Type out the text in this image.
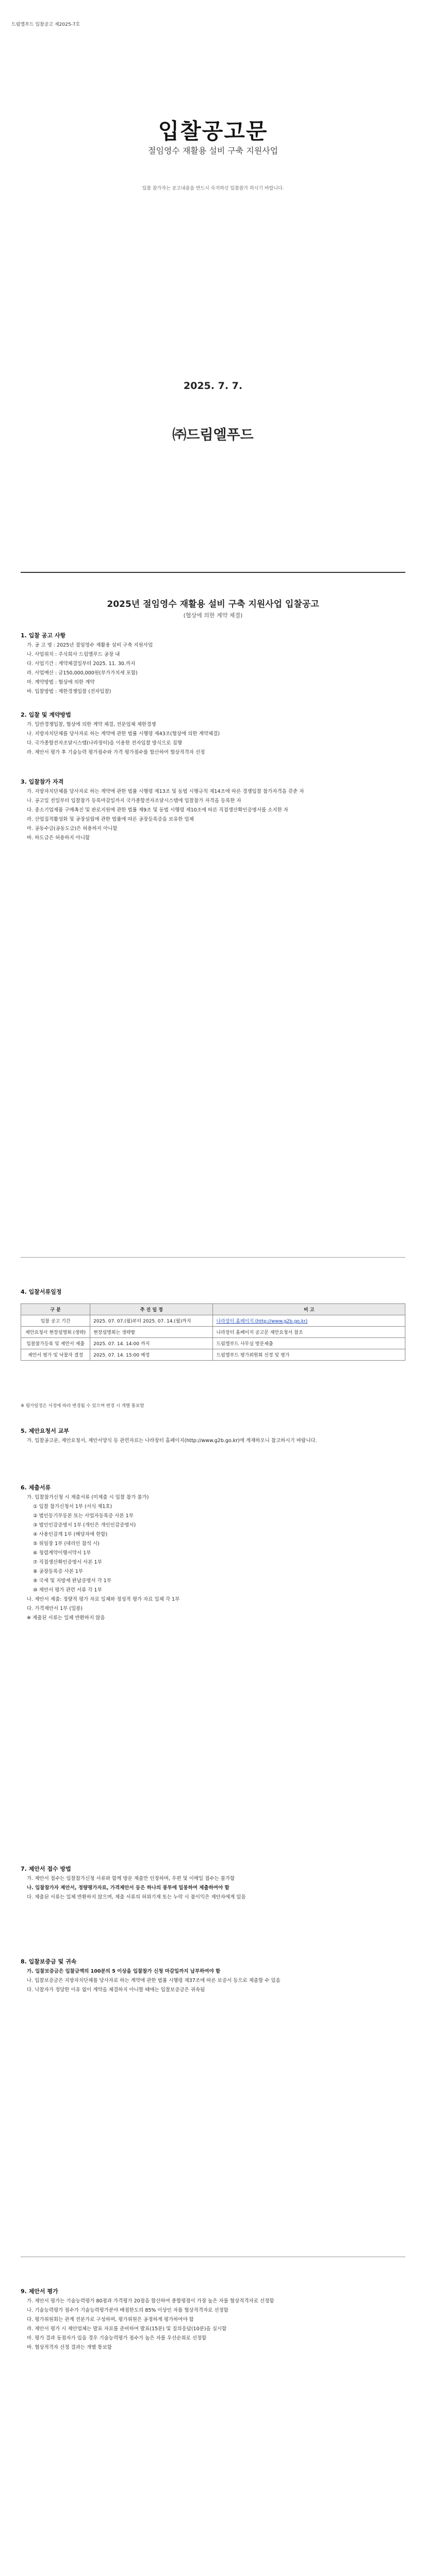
드림엘푸드 입찰공고 제2025-7호
입찰공고문
절임영수 재활용 설비 구축 지원사업
입찰 참가자는 공고내용을 반드시 숙지하신 입찰참가 하시기 바랍니다.
2025. 7. 7.
㈜드림엘푸드
2025년 절임영수 재활용 설비 구축 지원사업 입찰공고
(협상에 의한 계약 체결)
1. 입찰 공고 사항

가. 공 고 명 : 2025년 절임영수 재활용 설비 구축 지원사업

나. 사업위치 : 주식회사 드림엘푸드 공장 내

다. 사업기간 : 계약체결일부터 2025. 11. 30.까지

라. 사업예산 : 금150,000,000원(부가가치세 포함)

마. 계약방법 : 협상에 의한 계약

바. 입찰방법 : 제한경쟁입찰 (전자입찰)

2. 입찰 및 계약방법

가. 일반경쟁입찰, 협상에 의한 계약 체결, 전문업체 제한경쟁

나. 지방자치단체를 당사자로 하는 계약에 관한 법률 시행령 제43조(협상에 의한 계약체결)

다. 국가종합전자조달시스템(나라장터)을 이용한 전자입찰 방식으로 집행

라. 제안서 평가 후 기술능력 평가점수와 가격 평가점수를 합산하여 협상적격자 선정

3. 입찰참가 자격

가. 지방자치단체를 당사자로 하는 계약에 관한 법률 시행령 제13조 및 동법 시행규칙 제14조에 따른 경쟁입찰 참가자격을 갖춘 자

나. 공고일 전일부터 입찰참가 등록마감일까지 국가종합전자조달시스템에 입찰참가 자격을 등록한 자

다. 중소기업제품 구매촉진 및 판로지원에 관한 법률 제9조 및 동법 시행령 제10조에 따른 직접생산확인증명서를 소지한 자

라. 산업집적활성화 및 공장설립에 관한 법률에 따른 공장등록증을 보유한 업체

마. 공동수급(공동도급)은 허용하지 아니함

바. 하도급은 허용하지 아니함

4. 입찰서류일정
구 분	추 진 일 정	비 고
입찰 공고 기간	2025. 07. 07.(월)부터 2025. 07. 14.(월)까지	나라장터 홈페이지 (http://www.g2b.go.kr)
제안요청서 현장설명회 (생략)	현장설명회는 생략함	나라장터 홈페이지 공고문 제안요청서 참조
입찰참가등록 및 제안서 제출	2025. 07. 14. 14:00 까지	드림엘푸드 사무실 방문제출
제안서 평가 및 낙찰자 결정	2025. 07. 14. 15:00 예정	드림엘푸드 평가위원회 선정 및 평가
※ 평가일정은 사정에 따라 변경될 수 있으며 변경 시 개별 통보함
5. 제안요청서 교부

가. 입찰공고문, 제안요청서, 제안서양식 등 관련자료는 나라장터 홈페이지(http://www.g2b.go.kr)에 게재하오니 참고하시기 바랍니다.

6. 제출서류

가. 입찰참가신청 시 제출서류 (미제출 시 입찰 참가 불가)

① 입찰 참가신청서 1부 (서식 제1호)

② 법인등기부등본 또는 사업자등록증 사본 1부

③ 법인인감증명서 1부 (개인은 개인인감증명서)

④ 사용인감계 1부 (해당자에 한함)

⑤ 위임장 1부 (대리인 참석 시)

⑥ 청렴계약이행서약서 1부

⑦ 직접생산확인증명서 사본 1부

⑧ 공장등록증 사본 1부

⑨ 국세 및 지방세 완납증명서 각 1부

⑩ 제안서 평가 관련 서류 각 1부

나. 제안서 제출: 정량적 평가 자료 일체와 정성적 평가 자료 일체 각 1부

다. 가격제안서 1부 (밀봉)

※ 제출된 서류는 일체 반환하지 않음

7. 제안서 접수 방법

가. 제안서 접수는 입찰참가신청 서류와 함께 방문 제출만 인정하며, 우편 및 이메일 접수는 불가함

나. 입찰참가자 제안서, 정량평가자료, 가격제안서 등은 하나의 봉투에 밀봉하여 제출하여야 함

다. 제출된 서류는 일체 반환하지 않으며, 제출 서류의 허위기재 또는 누락 시 불이익은 제안자에게 있음

8. 입찰보증금 및 귀속

가. 입찰보증금은 입찰금액의 100분의 5 이상을 입찰참가 신청 마감일까지 납부하여야 함

나. 입찰보증금은 지방자치단체를 당사자로 하는 계약에 관한 법률 시행령 제37조에 따른 보증서 등으로 제출할 수 있음

다. 낙찰자가 정당한 이유 없이 계약을 체결하지 아니할 때에는 입찰보증금은 귀속됨

9. 제안서 평가

가. 제안서 평가는 기술능력평가 80점과 가격평가 20점을 합산하여 종합평점이 가장 높은 자를 협상적격자로 선정함

나. 기술능력평가 점수가 기술능력평가분야 배점한도의 85% 이상인 자를 협상적격자로 선정함

다. 평가위원회는 관계 전문가로 구성하며, 평가위원은 공정하게 평가하여야 함

라. 제안서 평가 시 제안업체는 발표 자료를 준비하여 발표(15분) 및 질의응답(10분)을 실시함

마. 평가 결과 동점자가 있을 경우 기술능력평가 점수가 높은 자를 우선순위로 선정함

바. 협상적격자 선정 결과는 개별 통보함
